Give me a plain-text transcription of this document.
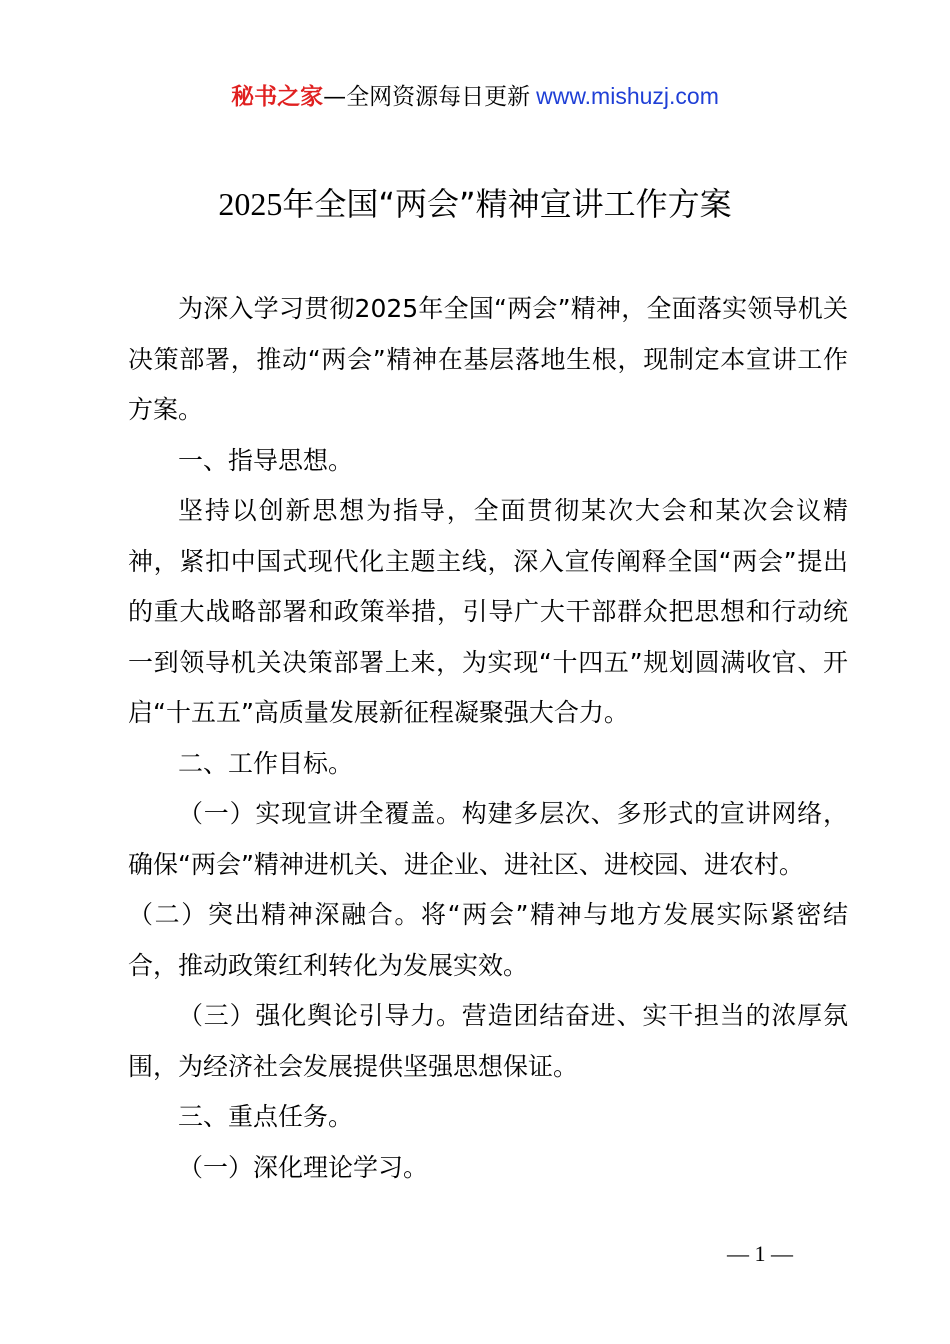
秘书之家—全网资源每日更新 www.mishuzj.com
2025年全国“两会”精神宣讲工作方案

为深入学习贯彻2025年全国“两会”精神，全面落实领导机关决策部署，推动“两会”精神在基层落地生根，现制定本宣讲工作方案。

一、指导思想。

坚持以创新思想为指导，全面贯彻某次大会和某次会议精神，紧扣中国式现代化主题主线，深入宣传阐释全国“两会”提出的重大战略部署和政策举措，引导广大干部群众把思想和行动统一到领导机关决策部署上来，为实现“十四五”规划圆满收官、开启“十五五”高质量发展新征程凝聚强大合力。

二、工作目标。

（一）实现宣讲全覆盖。构建多层次、多形式的宣讲网络，确保“两会”精神进机关、进企业、进社区、进校园、进农村。

（二）突出精神深融合。将“两会”精神与地方发展实际紧密结合，推动政策红利转化为发展实效。

（三）强化舆论引导力。营造团结奋进、实干担当的浓厚氛围，为经济社会发展提供坚强思想保证。

三、重点任务。

（一）深化理论学习。

— 1 —
